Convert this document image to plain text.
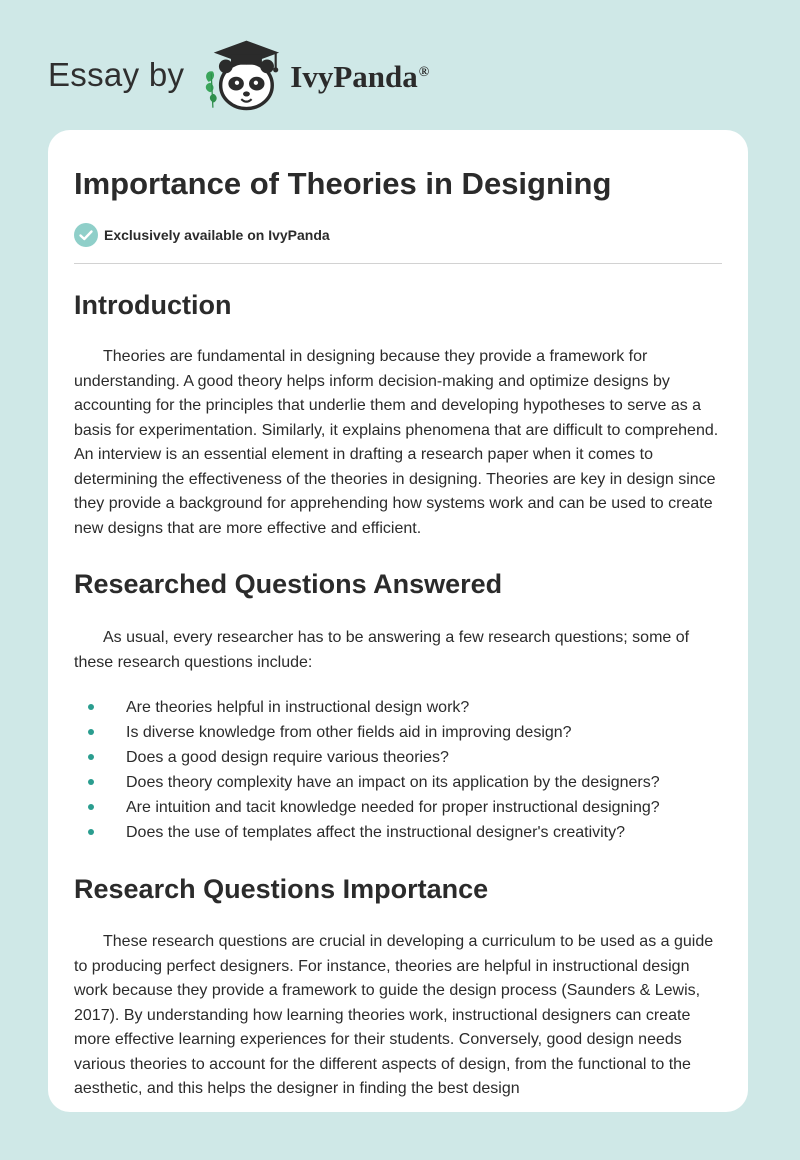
Essay by	IvyPanda®
Importance of Theories in Designing
Exclusively available on IvyPanda
Introduction

Theories are fundamental in designing because they provide a framework for understanding. A good theory helps inform decision-making and optimize designs by accounting for the principles that underlie them and developing hypotheses to serve as a basis for experimentation. Similarly, it explains phenomena that are difficult to comprehend. An interview is an essential element in drafting a research paper when it comes to determining the effectiveness of the theories in designing. Theories are key in design since they provide a background for apprehending how systems work and can be used to create new designs that are more effective and efficient.

Researched Questions Answered

As usual, every researcher has to be answering a few research questions; some of these research questions include:

Are theories helpful in instructional design work?
Is diverse knowledge from other fields aid in improving design?
Does a good design require various theories?
Does theory complexity have an impact on its application by the designers?
Are intuition and tacit knowledge needed for proper instructional designing?
Does the use of templates affect the instructional designer's creativity?
Research Questions Importance

These research questions are crucial in developing a curriculum to be used as a guide to producing perfect designers. For instance, theories are helpful in instructional design work because they provide a framework to guide the design process (Saunders & Lewis, 2017). By understanding how learning theories work, instructional designers can create more effective learning experiences for their students. Conversely, good design needs various theories to account for the different aspects of design, from the functional to the aesthetic, and this helps the designer in finding the best design
